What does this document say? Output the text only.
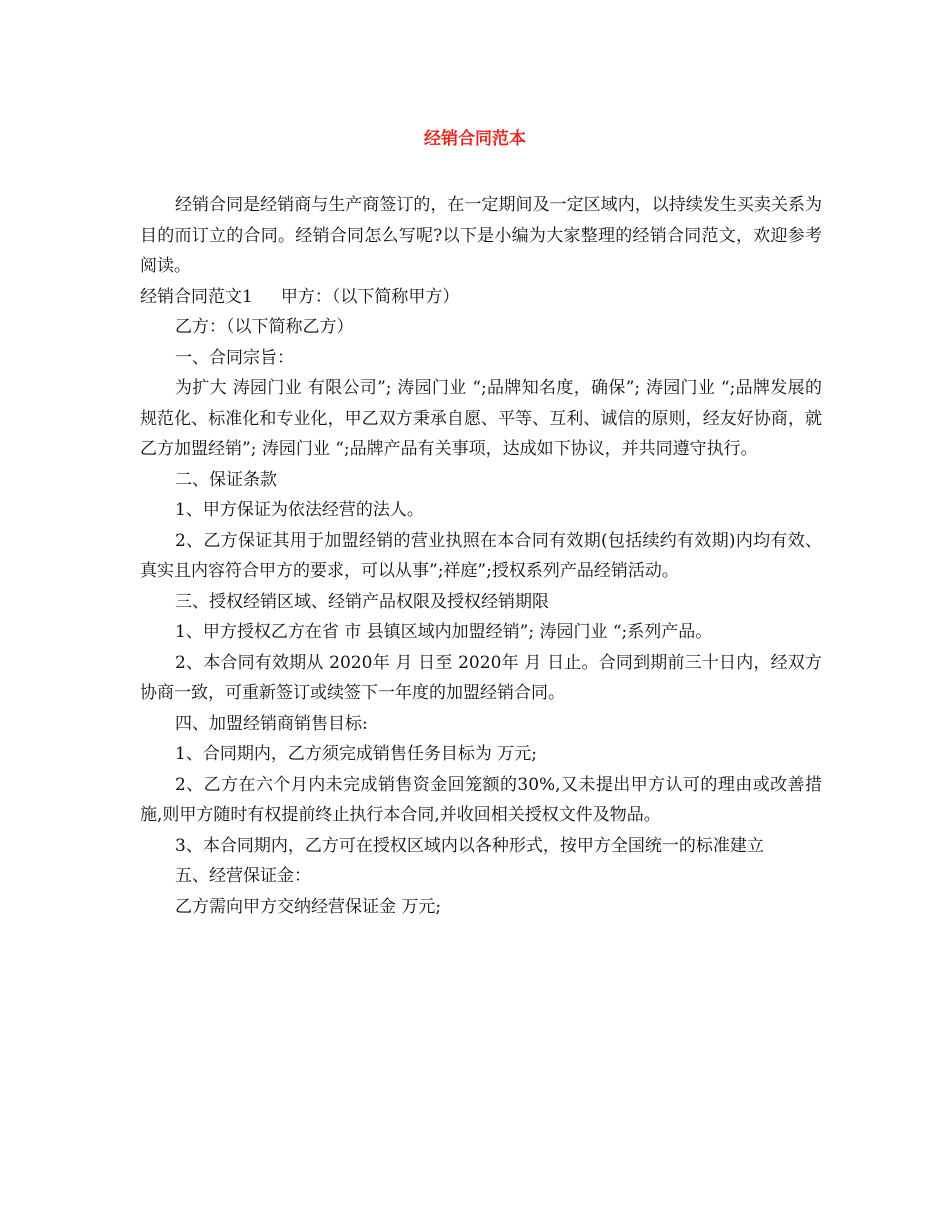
经销合同范本

经销合同是经销商与生产商签订的，在一定期间及一定区域内，以持续发生买卖关系为目的而订立的合同。经销合同怎么写呢?以下是小编为大家整理的经销合同范文，欢迎参考阅读。

经销合同范文1 甲方：（以下简称甲方）

乙方：（以下简称乙方）

一、合同宗旨：

为扩大 涛园门业 有限公司”; 涛园门业 “;品牌知名度，确保”; 涛园门业 “;品牌发展的规范化、标准化和专业化，甲乙双方秉承自愿、平等、互利、诚信的原则，经友好协商，就乙方加盟经销”; 涛园门业 “;品牌产品有关事项，达成如下协议，并共同遵守执行。

二、保证条款

1、甲方保证为依法经营的法人。

2、乙方保证其用于加盟经销的营业执照在本合同有效期(包括续约有效期)内均有效、真实且内容符合甲方的要求，可以从事”;祥庭”;授权系列产品经销活动。

三、授权经销区域、经销产品权限及授权经销期限

1、甲方授权乙方在省 市 县镇区域内加盟经销”; 涛园门业 “;系列产品。

2、本合同有效期从 2020年 月 日至 2020年 月 日止。合同到期前三十日内，经双方协商一致，可重新签订或续签下一年度的加盟经销合同。

四、加盟经销商销售目标:

1、合同期内，乙方须完成销售任务目标为 万元;

2、乙方在六个月内未完成销售资金回笼额的30%,又未提出甲方认可的理由或改善措施,则甲方随时有权提前终止执行本合同,并收回相关授权文件及物品。

3、本合同期内，乙方可在授权区域内以各种形式，按甲方全国统一的标准建立

五、经营保证金：

乙方需向甲方交纳经营保证金 万元;
